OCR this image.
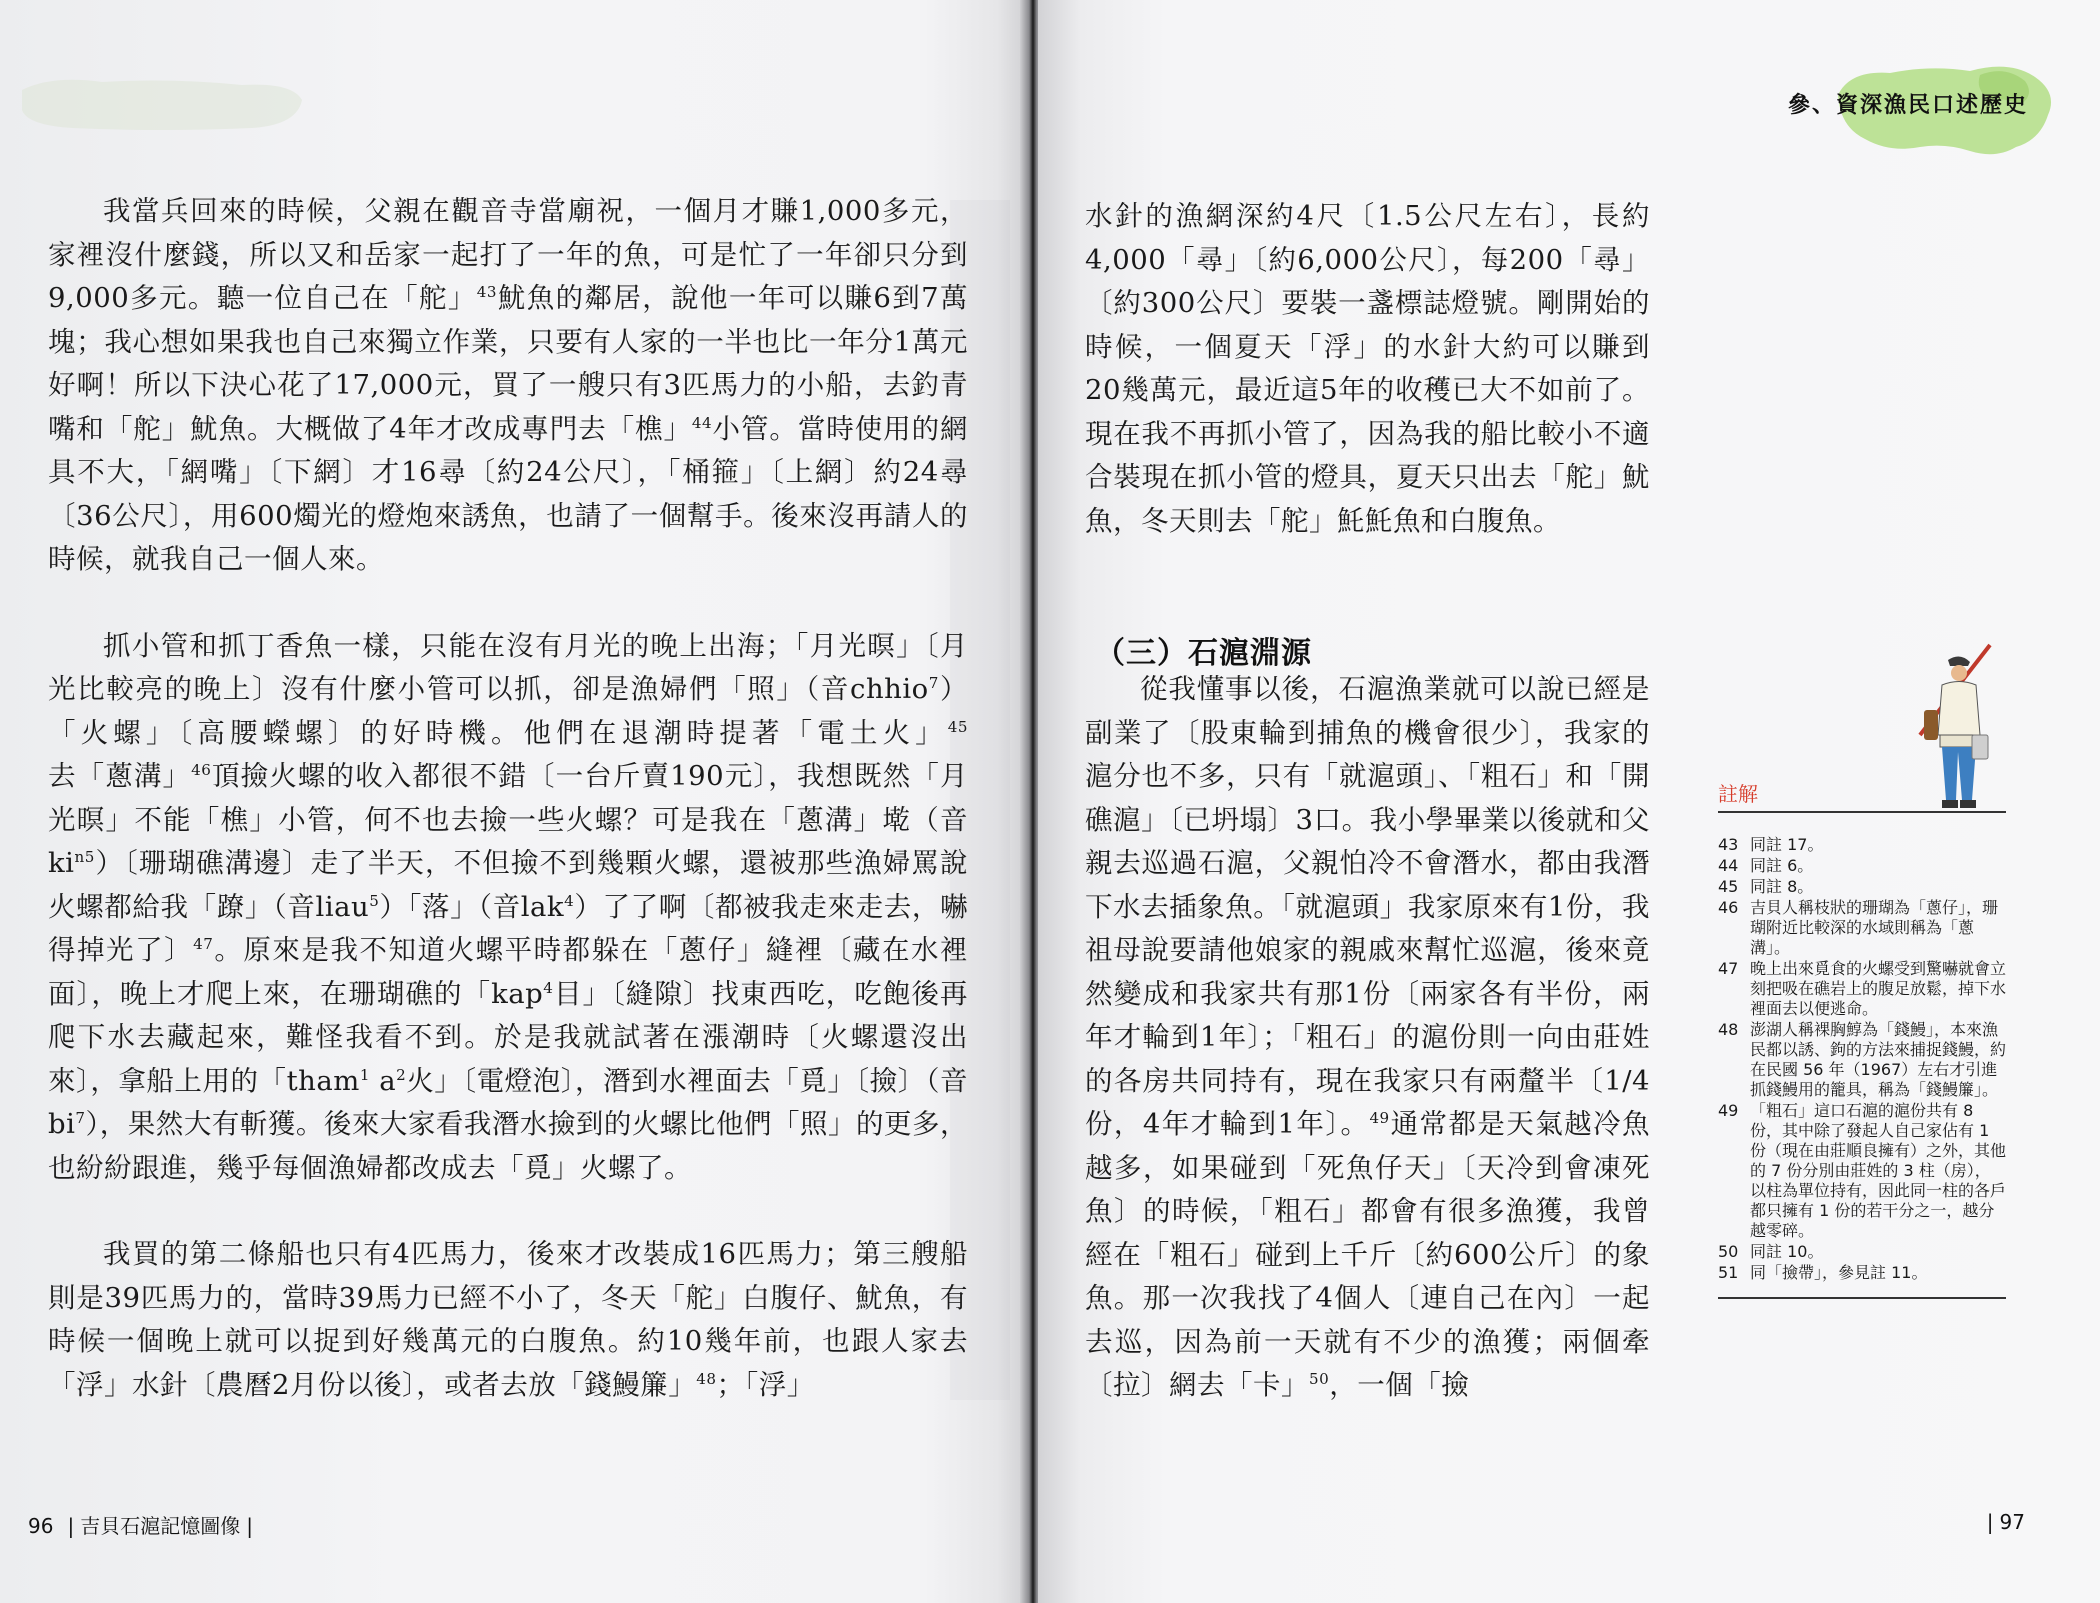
我當兵回來的時候，父親在觀音寺當廟祝，一個月才賺1,000多元，家裡沒什麼錢，所以又和岳家一起打了一年的魚，可是忙了一年卻只分到9,000多元。聽一位自己在「舵」$^{43}$魷魚的鄰居，說他一年可以賺6到7萬塊；我心想如果我也自己來獨立作業，只要有人家的一半也比一年分1萬元好啊！所以下決心花了17,000元，買了一艘只有3匹馬力的小船，去釣青嘴和「舵」魷魚。大概做了4年才改成專門去「樵」$^{44}$小管。當時使用的網具不大，「網嘴」〔下網〕才16尋〔約24公尺〕，「桶箍」〔上網〕約24尋〔36公尺〕，用600燭光的燈炮來誘魚，也請了一個幫手。後來沒再請人的時候，就我自己一個人來。

抓小管和抓丁香魚一樣，只能在沒有月光的晚上出海；「月光暝」〔月光比較亮的晚上〕沒有什麼小管可以抓，卻是漁婦們「照」（音chhio$^7$）「火螺」〔高腰蠑螺〕的好時機。他們在退潮時提著「電土火」$^{45}$去「蔥溝」$^{46}$頂撿火螺的收入都很不錯〔一台斤賣190元〕，我想既然「月光暝」不能「樵」小管，何不也去撿一些火螺？可是我在「蔥溝」墘（音$ki^{n5}$）〔珊瑚礁溝邊〕走了半天，不但撿不到幾顆火螺，還被那些漁婦罵說火螺都給我「蹽」（音liau$^5$）「落」（音lak$^4$）了了啊〔都被我走來走去，嚇得掉光了〕$^{47}$。原來是我不知道火螺平時都躲在「蔥仔」縫裡〔藏在水裡面〕，晚上才爬上來，在珊瑚礁的「kap$^4$目」〔縫隙〕找東西吃，吃飽後再爬下水去藏起來，難怪我看不到。於是我就試著在漲潮時〔火螺還沒出來〕，拿船上用的「tham$^1$ $a^2$火」〔電燈泡〕，潛到水裡面去「覓」〔撿〕（音$bi^7$），果然大有斬獲。後來大家看我潛水撿到的火螺比他們「照」的更多，也紛紛跟進，幾乎每個漁婦都改成去「覓」火螺了。

我買的第二條船也只有4匹馬力，後來才改裝成16匹馬力；第三艘船則是39匹馬力的，當時39馬力已經不小了，冬天「舵」白腹仔、魷魚，有時候一個晚上就可以捉到好幾萬元的白腹魚。約10幾年前，也跟人家去「浮」水針〔農曆2月份以後〕，或者去放「錢鰻簾」$^{48}$；「浮」

96 | 吉貝石滬記憶圖像 |
參、資深漁民口述歷史

水針的漁網深約4尺〔1.5公尺左右〕，長約4,000「尋」〔約6,000公尺〕，每200「尋」〔約300公尺〕要裝一盞標誌燈號。剛開始的時候，一個夏天「浮」的水針大約可以賺到20幾萬元，最近這5年的收穫已大不如前了。現在我不再抓小管了，因為我的船比較小不適合裝現在抓小管的燈具，夏天只出去「舵」魷魚，冬天則去「舵」魠魠魚和白腹魚。

（三）石滬淵源

從我懂事以後，石滬漁業就可以說已經是副業了〔股東輪到捕魚的機會很少〕，我家的滬分也不多，只有「就滬頭」、「粗石」和「開礁滬」〔已坍塌〕3口。我小學畢業以後就和父親去巡過石滬，父親怕冷不會潛水，都由我潛下水去插象魚。「就滬頭」我家原來有1份，我祖母說要請他娘家的親戚來幫忙巡滬，後來竟然變成和我家共有那1份〔兩家各有半份，兩年才輪到1年〕；「粗石」的滬份則一向由莊姓的各房共同持有，現在我家只有兩釐半〔1/4份，4年才輪到1年〕。$^{49}$通常都是天氣越冷魚越多，如果碰到「死魚仔天」〔天冷到會凍死魚〕的時候，「粗石」都會有很多漁獲，我曾經在「粗石」碰到上千斤〔約600公斤〕的象魚。那一次我找了4個人〔連自己在內〕一起去巡，因為前一天就有不少的漁獲；兩個牽〔拉〕網去「卡」$^{50}$，一個「撿

註解
43 同註 17。
44 同註 6。
45 同註 8。
46 吉貝人稱枝狀的珊瑚為「蔥仔」，珊瑚附近比較深的水域則稱為「蔥溝」。
47 晚上出來覓食的火螺受到驚嚇就會立刻把吸在礁岩上的腹足放鬆，掉下水裡面去以便逃命。
48 澎湖人稱裸胸鯙為「錢鰻」，本來漁民都以誘、鉤的方法來捕捉錢鰻，約在民國 56 年（1967）左右才引進抓錢鰻用的籠具，稱為「錢鰻簾」。
49 「粗石」這口石滬的滬份共有 8 份，其中除了發起人自己家佔有 1 份（現在由莊順良擁有）之外，其他的 7 份分別由莊姓的 3 柱（房），以柱為單位持有，因此同一柱的各戶都只擁有 1 份的若干分之一，越分越零碎。
50 同註 10。
51 同「撿帶」，參見註 11。
| 97
